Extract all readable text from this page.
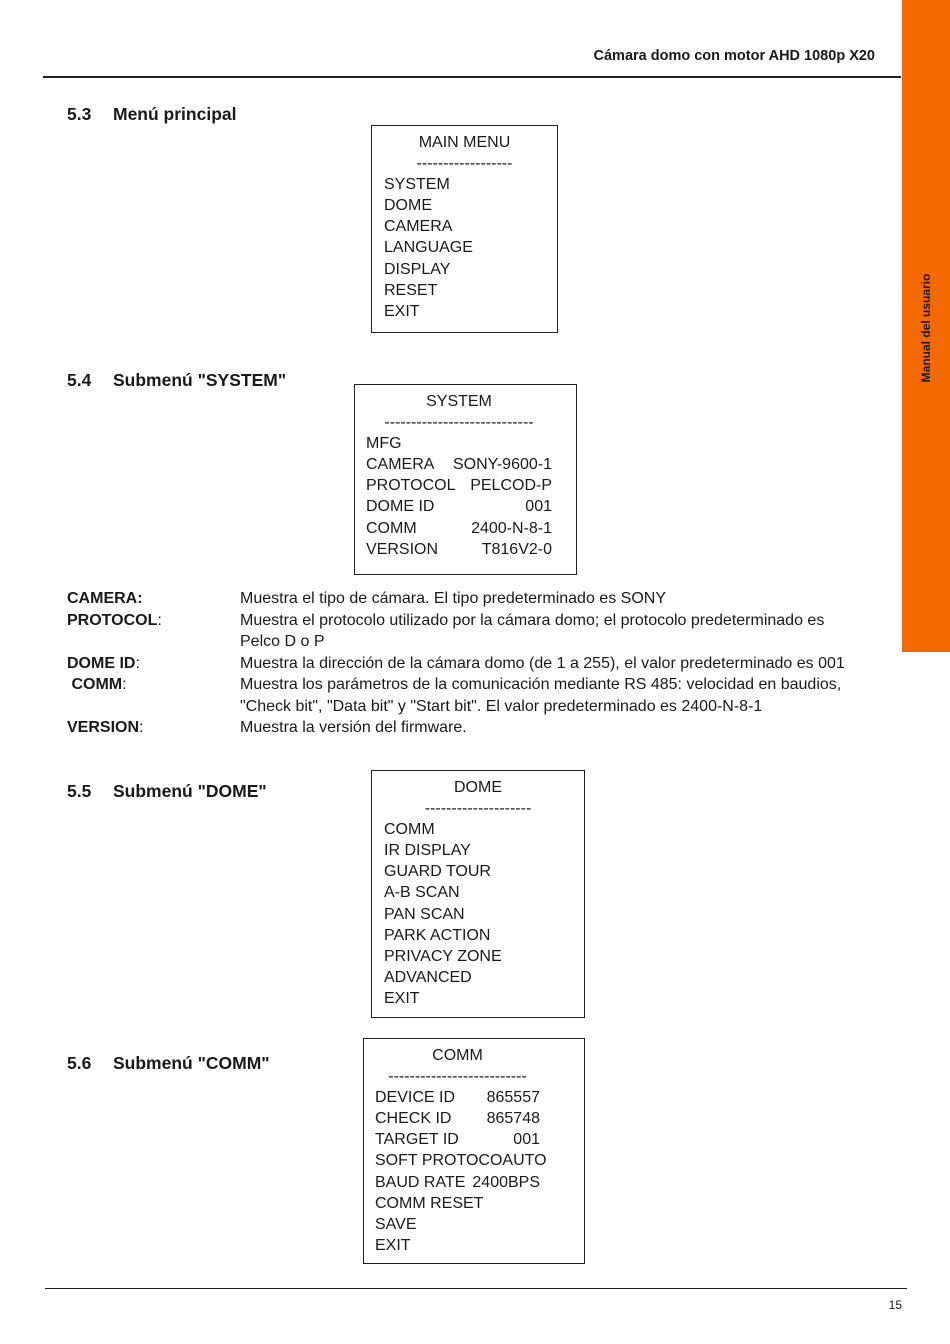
Cámara domo con motor AHD 1080p X20
Manual del usuario
5.3 Menú principal
MAIN MENU
------------------
SYSTEM
DOME
CAMERA
LANGUAGE
DISPLAY
RESET
EXIT
5.4 Submenú "SYSTEM"
SYSTEM
----------------------------
MFG
CAMERA SONY-9600-1
PROTOCOL PELCOD-P
DOME ID	001
COMM	2400-N-8-1
VERSION	T816V2-0
CAMERA:	Muestra el tipo de cámara. El tipo predeterminado es SONY
PROTOCOL:	Muestra el protocolo utilizado por la cámara domo; el protocolo predeterminado es Pelco D o P
DOME ID:	Muestra la dirección de la cámara domo (de 1 a 255), el valor predeterminado es 001
COMM:	Muestra los parámetros de la comunicación mediante RS 485: velocidad en baudios, "Check bit", "Data bit" y "Start bit". El valor predeterminado es 2400-N-8-1
VERSION:	Muestra la versión del firmware.
5.5 Submenú "DOME"	DOME
--------------------
COMM
IR DISPLAY
GUARD TOUR
A-B SCAN
PAN SCAN
PARK ACTION
PRIVACY ZONE
ADVANCED
EXIT
5.6 Submenú "COMM"	COMM
--------------------------
DEVICE ID 865557
CHECK ID 865748
TARGET ID	001
SOFT PROTOCO AUTO
BAUD RATE 2400BPS
COMM RESET
SAVE
EXIT
15
